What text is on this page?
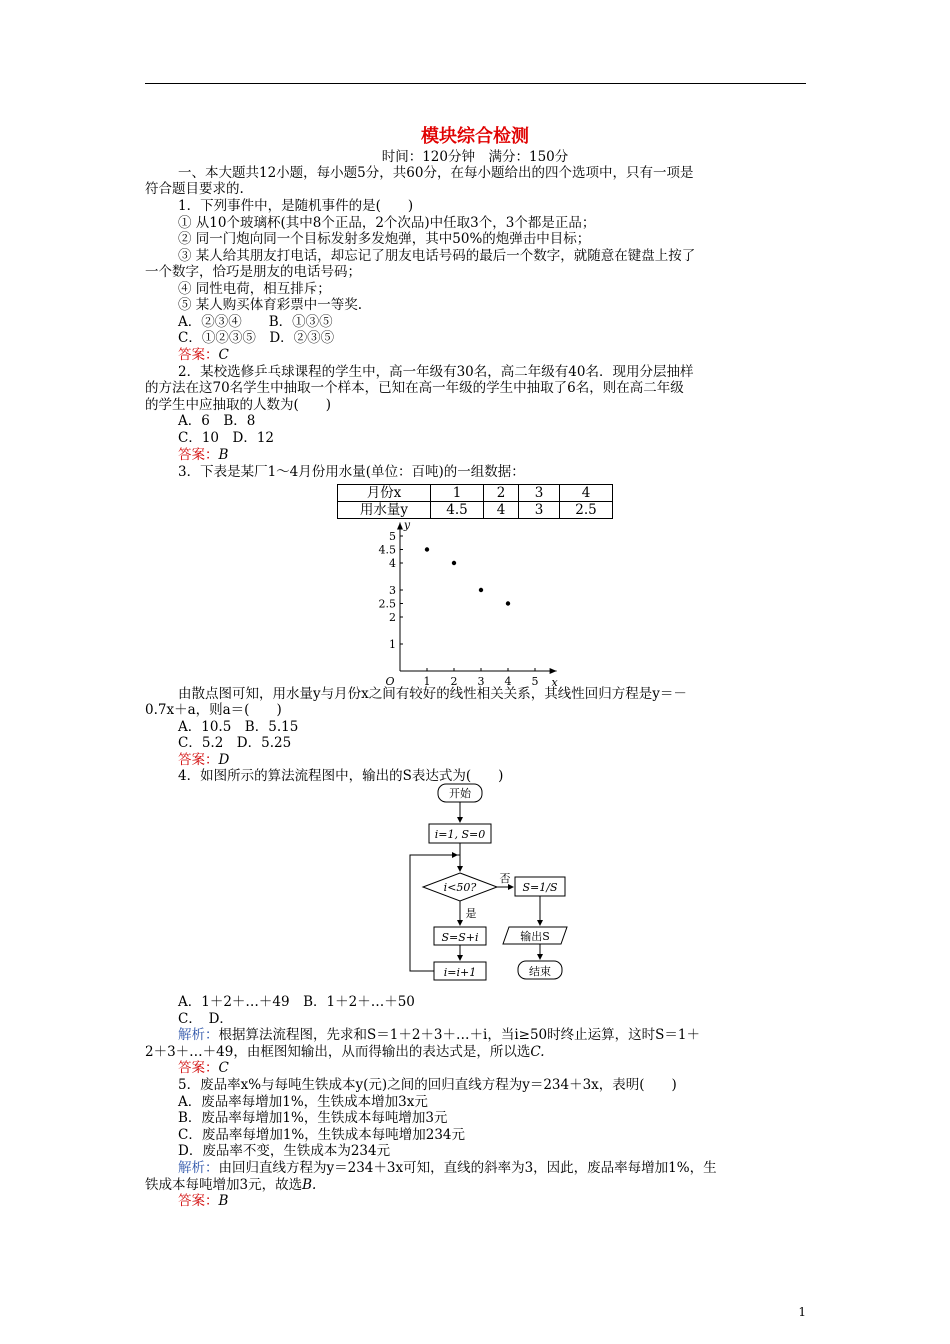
模块综合检测
时间：120分钟　满分：150分
一、本大题共12小题，每小题5分，共60分，在每小题给出的四个选项中，只有一项是
符合题目要求的.
1．下列事件中，是随机事件的是(　　)
① 从10个玻璃杯(其中8个正品，2个次品)中任取3个，3个都是正品；
② 同一门炮向同一个目标发射多发炮弹，其中50%的炮弹击中目标；
③ 某人给其朋友打电话，却忘记了朋友电话号码的最后一个数字，就随意在键盘上按了
一个数字，恰巧是朋友的电话号码；
④ 同性电荷，相互排斥；
⑤ 某人购买体育彩票中一等奖.
A．②③④　　B．①③⑤
C．①②③⑤　D．②③⑤
答案：C
2．某校选修乒乓球课程的学生中，高一年级有30名，高二年级有40名．现用分层抽样
的方法在这70名学生中抽取一个样本，已知在高一年级的学生中抽取了6名，则在高二年级
的学生中应抽取的人数为(　　)
A．6　B．8
C．10　D．12
答案：B
3．下表是某厂1～4月份用水量(单位：百吨)的一组数据：
月份x	1	2	3	4
用水量y	4.5	4	3	2.5
O	x
y
1 2 3 4 5
1
2
2.5
3
4
4.5
5
由散点图可知，用水量y与月份x之间有较好的线性相关关系，其线性回归方程是y＝－
0.7x＋a，则a＝(　　)
A．10.5　B．5.15
C．5.2　D．5.25
答案：D
4．如图所示的算法流程图中，输出的S表达式为(　　)
开始
i=1, S=0
i<50?
是
否
S=S+i
i=i+1
S=1/S
输出S
结束
A．1＋2＋…＋49　B．1＋2＋…＋50
C．　D．
解析：根据算法流程图，先求和S＝1＋2＋3＋…＋i，当i≥50时终止运算，这时S＝1＋
2＋3＋…＋49，由框图知输出，从而得输出的表达式是，所以选C.
答案：C
5．废品率x%与每吨生铁成本y(元)之间的回归直线方程为y＝234＋3x，表明(　　)
A．废品率每增加1%，生铁成本增加3x元
B．废品率每增加1%，生铁成本每吨增加3元
C．废品率每增加1%，生铁成本每吨增加234元
D．废品率不变，生铁成本为234元
解析：由回归直线方程为y＝234＋3x可知，直线的斜率为3，因此，废品率每增加1%，生
铁成本每吨增加3元，故选B.
答案：B
1
